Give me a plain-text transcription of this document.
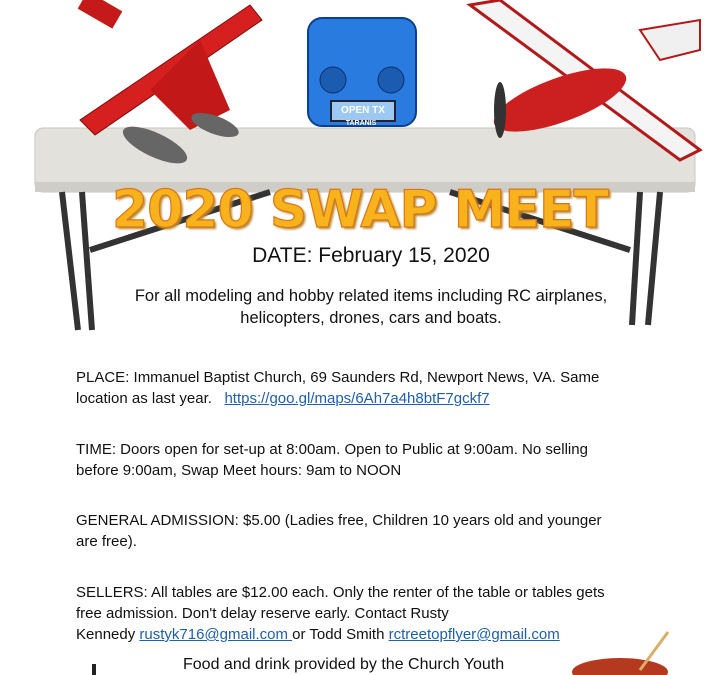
OPEN TX
TARANIS
2020 SWAP MEET
DATE: February 15, 2020
For all modeling and hobby related items including RC airplanes,
helicopters, drones, cars and boats.
PLACE: Immanuel Baptist Church, 69 Saunders Rd, Newport News, VA. Same
location as last year. https://goo.gl/maps/6Ah7a4h8btF7gckf7
TIME: Doors open for set-up at 8:00am. Open to Public at 9:00am. No selling
before 9:00am, Swap Meet hours: 9am to NOON
GENERAL ADMISSION: $5.00 (Ladies free, Children 10 years old and younger
are free).
SELLERS: All tables are $12.00 each. Only the renter of the table or tables gets
free admission. Don't delay reserve early. Contact Rusty
Kennedy rustyk716@gmail.com or Todd Smith rctreetopflyer@gmail.com
Food and drink provided by the Church Youth
